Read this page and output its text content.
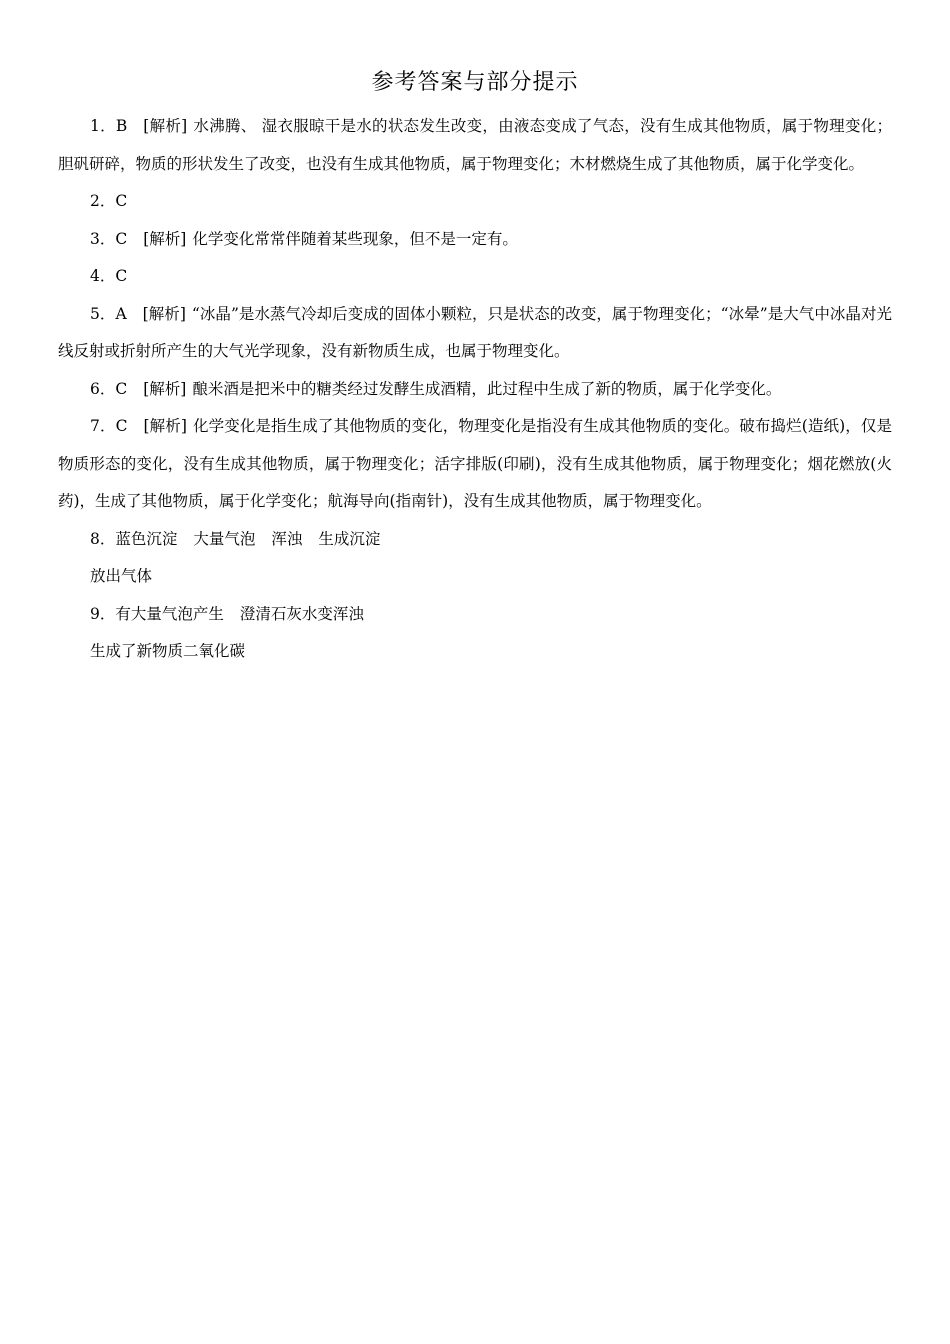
参考答案与部分提示

1．B [解析] 水沸腾、 湿衣服晾干是水的状态发生改变，由液态变成了气态，没有生成其他物质，属于物理变化；胆矾研碎，物质的形状发生了改变，也没有生成其他物质，属于物理变化；木材燃烧生成了其他物质，属于化学变化。

2．C

3．C [解析] 化学变化常常伴随着某些现象，但不是一定有。

4．C

5．A [解析] “冰晶”是水蒸气冷却后变成的固体小颗粒，只是状态的改变，属于物理变化；“冰晕”是大气中冰晶对光线反射或折射所产生的大气光学现象，没有新物质生成，也属于物理变化。

6．C [解析] 酿米酒是把米中的糖类经过发酵生成酒精，此过程中生成了新的物质，属于化学变化。

7．C [解析] 化学变化是指生成了其他物质的变化，物理变化是指没有生成其他物质的变化。破布捣烂(造纸)，仅是物质形态的变化，没有生成其他物质，属于物理变化；活字排版(印刷)，没有生成其他物质，属于物理变化；烟花燃放(火药)，生成了其他物质，属于化学变化；航海导向(指南针)，没有生成其他物质，属于物理变化。

8．蓝色沉淀 大量气泡 浑浊 生成沉淀

放出气体

9．有大量气泡产生 澄清石灰水变浑浊

生成了新物质二氧化碳
